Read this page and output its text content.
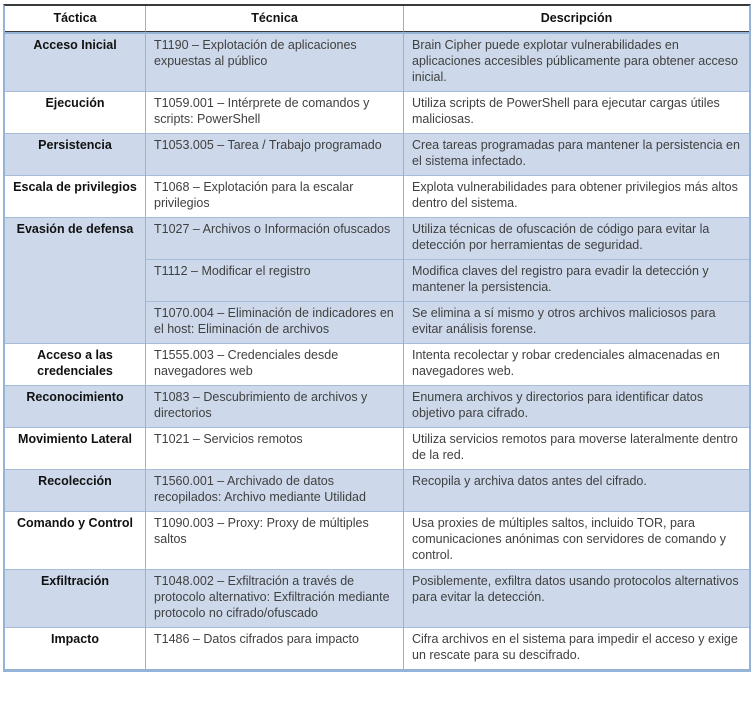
Táctica	Técnica	Descripción
Acceso Inicial	T1190 – Explotación de aplicaciones expuestas al público	Brain Cipher puede explotar vulnerabilidades en aplicaciones accesibles públicamente para obtener acceso inicial.
Ejecución	T1059.001 – Intérprete de comandos y scripts: PowerShell	Utiliza scripts de PowerShell para ejecutar cargas útiles maliciosas.
Persistencia	T1053.005 – Tarea / Trabajo programado	Crea tareas programadas para mantener la persistencia en el sistema infectado.
Escala de privilegios	T1068 – Explotación para la escalar privilegios	Explota vulnerabilidades para obtener privilegios más altos dentro del sistema.
Evasión de defensa	T1027 – Archivos o Información ofuscados	Utiliza técnicas de ofuscación de código para evitar la detección por herramientas de seguridad.
	T1112 – Modificar el registro	Modifica claves del registro para evadir la detección y mantener la persistencia.
	T1070.004 – Eliminación de indicadores en el host: Eliminación de archivos	Se elimina a sí mismo y otros archivos maliciosos para evitar análisis forense.
Acceso a las credenciales	T1555.003 – Credenciales desde navegadores web	Intenta recolectar y robar credenciales almacenadas en navegadores web.
Reconocimiento	T1083 – Descubrimiento de archivos y directorios	Enumera archivos y directorios para identificar datos objetivo para cifrado.
Movimiento Lateral	T1021 – Servicios remotos	Utiliza servicios remotos para moverse lateralmente dentro de la red.
Recolección	T1560.001 – Archivado de datos recopilados: Archivo mediante Utilidad	Recopila y archiva datos antes del cifrado.
Comando y Control	T1090.003 – Proxy: Proxy de múltiples saltos	Usa proxies de múltiples saltos, incluido TOR, para comunicaciones anónimas con servidores de comando y control.
Exfiltración	T1048.002 – Exfiltración a través de protocolo alternativo: Exfiltración mediante protocolo no cifrado/ofuscado	Posiblemente, exfiltra datos usando protocolos alternativos para evitar la detección.
Impacto	T1486 – Datos cifrados para impacto	Cifra archivos en el sistema para impedir el acceso y exige un rescate para su descifrado.
